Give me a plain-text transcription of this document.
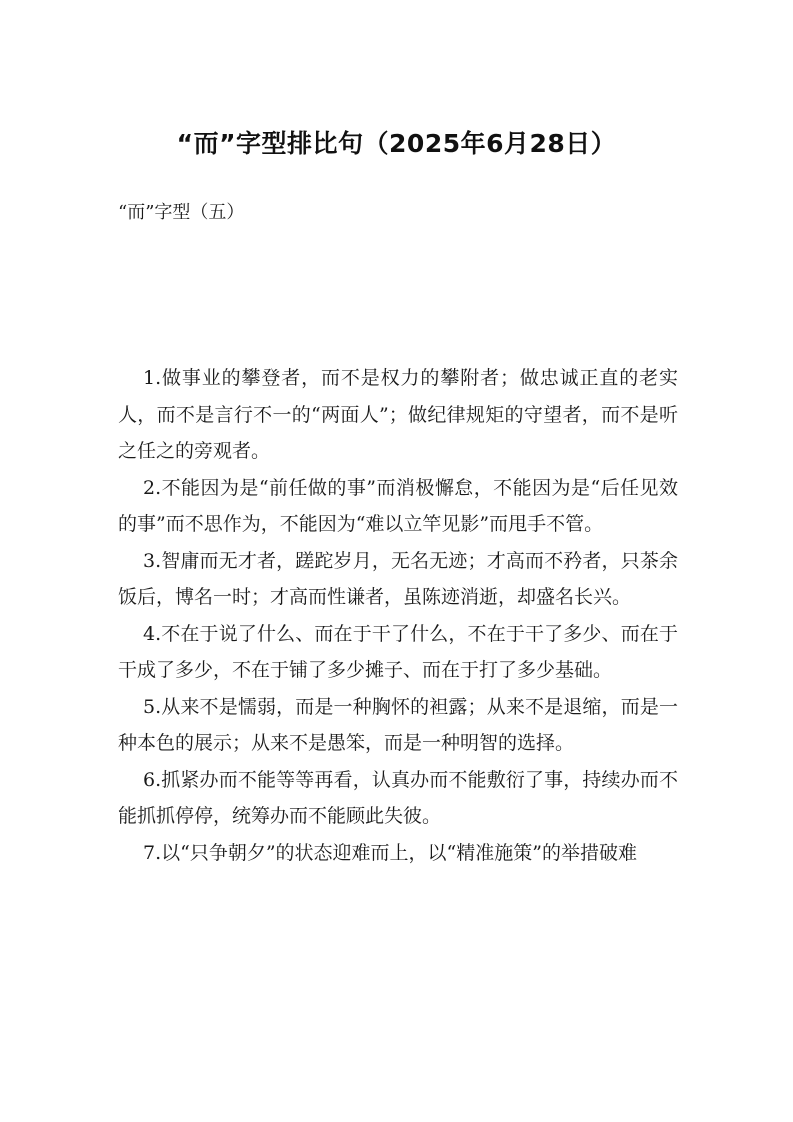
“而”字型排比句（2025年6月28日）
“而”字型（五）

1.做事业的攀登者，而不是权力的攀附者；做忠诚正直的老实人，而不是言行不一的“两面人”；做纪律规矩的守望者，而不是听之任之的旁观者。

2.不能因为是“前任做的事”而消极懈怠，不能因为是“后任见效的事”而不思作为，不能因为“难以立竿见影”而甩手不管。

3.智庸而无才者，蹉跎岁月，无名无迹；才高而不矜者，只茶余饭后，博名一时；才高而性谦者，虽陈迹消逝，却盛名长兴。

4.不在于说了什么、而在于干了什么，不在于干了多少、而在于干成了多少，不在于铺了多少摊子、而在于打了多少基础。

5.从来不是懦弱，而是一种胸怀的袒露；从来不是退缩，而是一种本色的展示；从来不是愚笨，而是一种明智的选择。

6.抓紧办而不能等等再看，认真办而不能敷衍了事，持续办而不能抓抓停停，统筹办而不能顾此失彼。

7.以“只争朝夕”的状态迎难而上，以“精准施策”的举措破难
